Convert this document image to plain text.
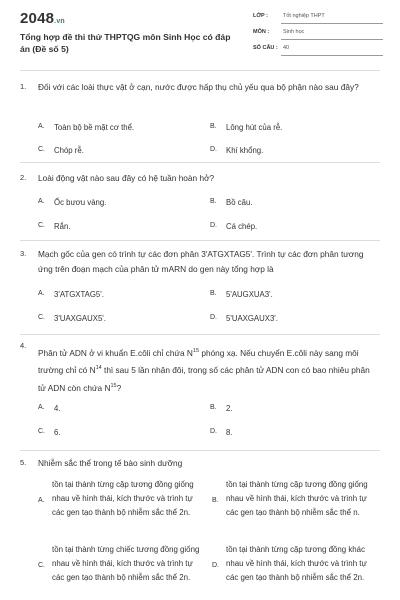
2048.vn
Tổng hợp đề thi thử THPTQG môn Sinh Học có đáp án (Đề số 5)
LỚP :	Tốt nghiệp THPT
MÔN :	Sinh học
SỐ CÂU : 40
1. Đối với các loài thực vật ở cạn, nước được hấp thụ chủ yếu qua bộ phận nào sau đây?
A. Toàn bộ bề mặt cơ thể.	B. Lông hút của rễ.
C. Chóp rễ.	D. Khí khổng.
2. Loài động vật nào sau đây có hệ tuần hoàn hở?
A. Ốc bươu vàng.	B. Bồ câu.
C. Rắn.	D. Cá chép.
3. Mạch gốc của gen có trình tự các đơn phân 3'ATGXTAG5'. Trình tự các đơn phân tương ứng trên đoạn mạch của phân tử mARN do gen này tổng hợp là
A. 3'ATGXTAG5'.	B. 5'AUGXUA3'.
C. 3'UAXGAUX5'.	D. 5'UAXGAUX3'.
4.
Phân tử ADN ở vi khuẩn E.côli chỉ chứa $N^{15}$ phóng xạ. Nếu chuyển E.côli này sang môi trường chỉ có $N^{14}$ thì sau 5 lần nhân đôi, trong số các phân tử ADN con có bao nhiêu phân tử ADN còn chứa $N^{15}$?
A. 4.	B. 2.
C. 6.	D. 8.
5. Nhiễm sắc thể trong tế bào sinh dưỡng
A.
tồn tại thành từng cặp tương đồng giống nhau về hình thái, kích thước và trình tự các gen tạo thành bộ nhiễm sắc thể 2n.
B.
tồn tại thành từng cặp tương đồng giống nhau về hình thái, kích thước và trình tự các gen tạo thành bộ nhiễm sắc thể n.
C.
tồn tại thành từng chiếc tương đồng giống nhau về hình thái, kích thước và trình tự các gen tạo thành bộ nhiễm sắc thể 2n.
D.
tồn tại thành từng cặp tương đồng khác nhau về hình thái, kích thước và trình tự các gen tạo thành bộ nhiễm sắc thể 2n.
